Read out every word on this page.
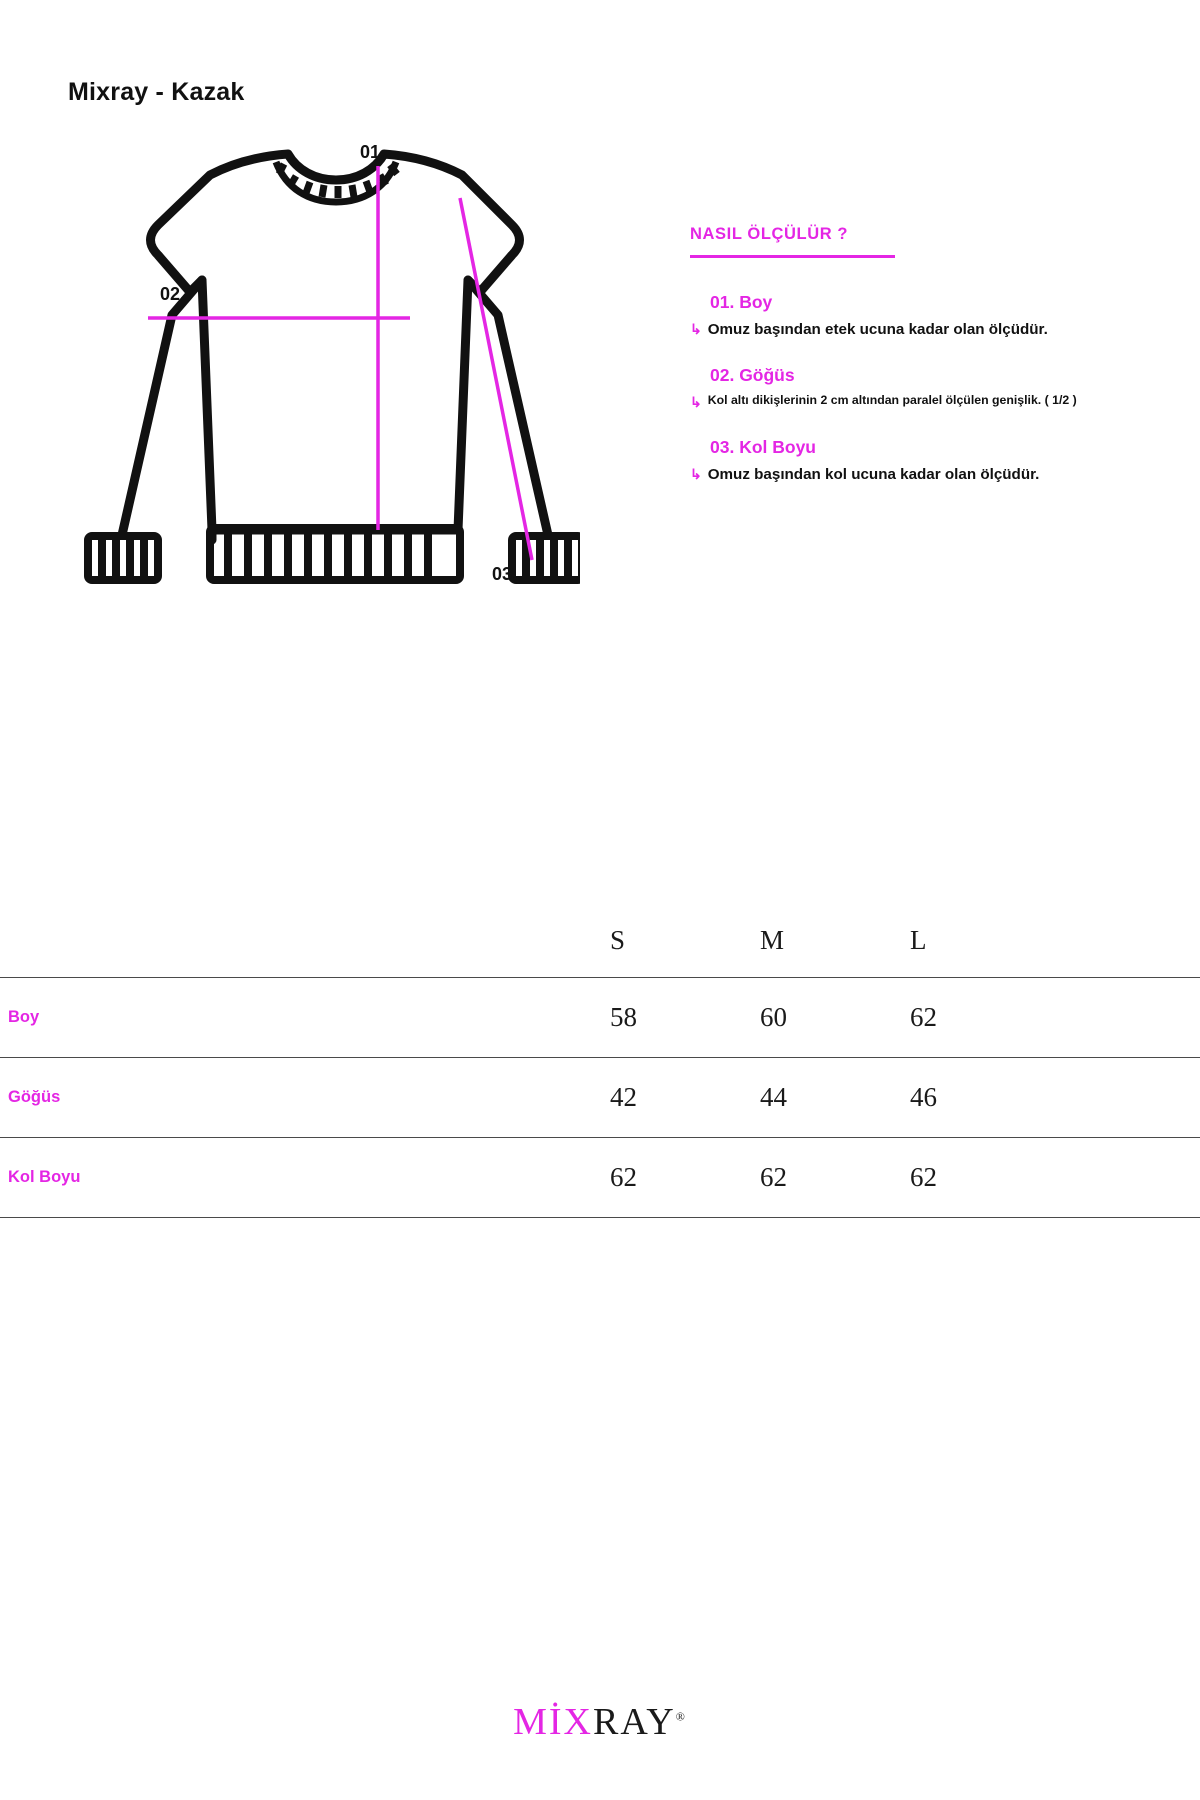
Mixray - Kazak
01.
02.
03.
NASIL ÖLÇÜLÜR ?
01. Boy
↳ Omuz başından etek ucuna kadar olan ölçüdür.
02. Göğüs
↳ Kol altı dikişlerinin 2 cm altından paralel ölçülen genişlik. ( 1/2 )
03. Kol Boyu
↳ Omuz başından kol ucuna kadar olan ölçüdür.
	S	M	L	
Boy	58	60	62	
Göğüs	42	44	46	
Kol Boyu	62	62	62	
MİXRAY®
